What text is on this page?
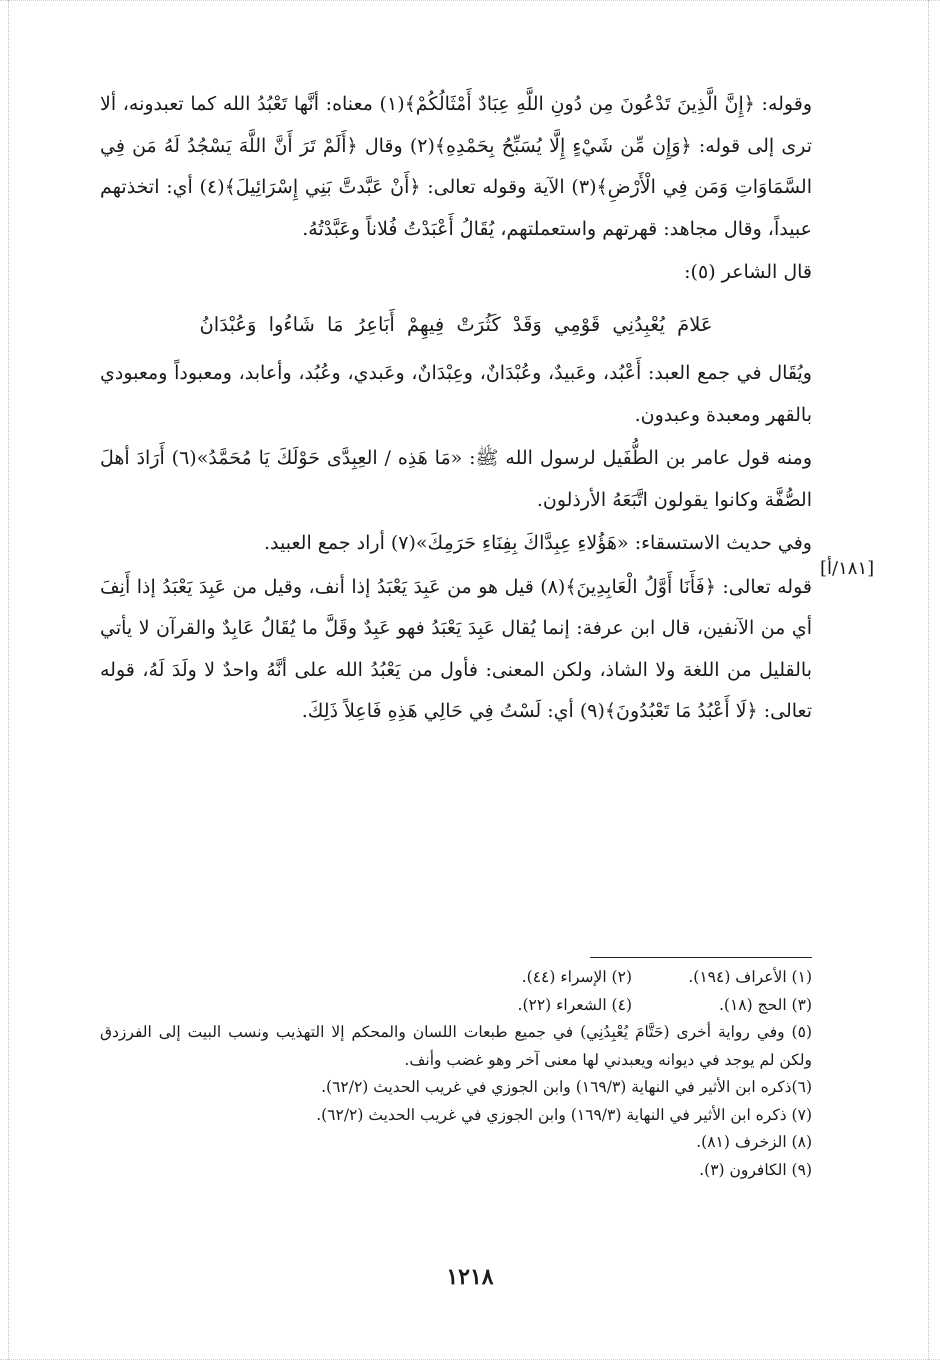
[١٨١/أ]

وقوله: ﴿إِنَّ الَّذِينَ تَدْعُونَ مِن دُونِ اللَّهِ عِبَادٌ أَمْثَالُكُمْ﴾(١) معناه: أنَّها تَعْبُدُ الله كما تعبدونه، ألا ترى إلى قوله: ﴿وَإِن مِّن شَيْءٍ إِلَّا يُسَبِّحُ بِحَمْدِهِ﴾(٢) وقال ﴿أَلَمْ تَرَ أَنَّ اللَّهَ يَسْجُدُ لَهُ مَن فِي السَّمَاوَاتِ وَمَن فِي الْأَرْضِ﴾(٣) الآية وقوله تعالى: ﴿أَنْ عَبَّدتَّ بَنِي إِسْرَائِيلَ﴾(٤) أي: اتخذتهم عبيداً، وقال مجاهد: قهرتهم واستعملتهم، يُقَالُ أَعْبَدْتُ فُلاناً وعَبَّدْتُهُ.

قال الشاعر (٥):

عَلامَ يُعْبِدُنِي قَوْمِي وَقَدْ كَثُرَتْ فِيهِمْ أَبَاعِرُ مَا شَاءُوا وَعُبْدَانُ

ويُقَال في جمع العبد: أَعْبُد، وعَبيدٌ، وعُبْدَانٌ، وعِبْدَانٌ، وعَبدي، وعُبُد، وأعابد، ومعبوداً ومعبودي بالقهر ومعبدة وعبدون.

ومنه قول عامر بن الطُّفَيل لرسول الله ﷺ: «مَا هَذِه / العِبِدَّى حَوْلَكَ يَا مُحَمَّدُ»(٦) أَرَادَ أهلَ الصُّفَّة وكانوا يقولون اتَّبَعَهُ الأرذلون.

وفي حديث الاستسقاء: «هَؤُلاءِ عِبِدَّاكَ بِفِنَاءِ حَرَمِكَ»(٧) أراد جمع العبيد.

قوله تعالى: ﴿فَأَنَا أَوَّلُ الْعَابِدِينَ﴾(٨) قيل هو من عَبِدَ يَعْبَدُ إذا أنف، وقيل من عَبِدَ يَعْبَدُ إذا أَنِفَ أي من الآنفين، قال ابن عرفة: إنما يُقال عَبِدَ يَعْبَدُ فهو عَبِدٌ وقَلَّ ما يُقَالُ عَابِدٌ والقرآن لا يأتي بالقليل من اللغة ولا الشاذ، ولكن المعنى: فأول من يَعْبُدُ الله على أنَّهُ واحدٌ لا ولَدَ لَهُ، قوله تعالى: ﴿لَا أَعْبُدُ مَا تَعْبُدُونَ﴾(٩) أي: لَسْتُ فِي حَالِي هَذِهِ فَاعِلاً ذَلِكَ.

(١) الأعراف (١٩٤).
(٢) الإسراء (٤٤).
(٣) الحج (١٨).
(٤) الشعراء (٢٢).
(٥) وفي رواية أخرى (حَتَّامَ يُعْبِدُنِي) في جميع طبعات اللسان والمحكم إلا التهذيب ونسب البيت إلى الفرزدق ولكن لم يوجد في ديوانه ويعبدني لها معنى آخر وهو غضب وأنف.
(٦)ذكره ابن الأثير في النهاية (١٦٩/٣) وابن الجوزي في غريب الحديث (٦٢/٢).
(٧) ذكره ابن الأثير في النهاية (١٦٩/٣) وابن الجوزي في غريب الحديث (٦٢/٢).
(٨) الزخرف (٨١).
(٩) الكافرون (٣).
١٢١٨
